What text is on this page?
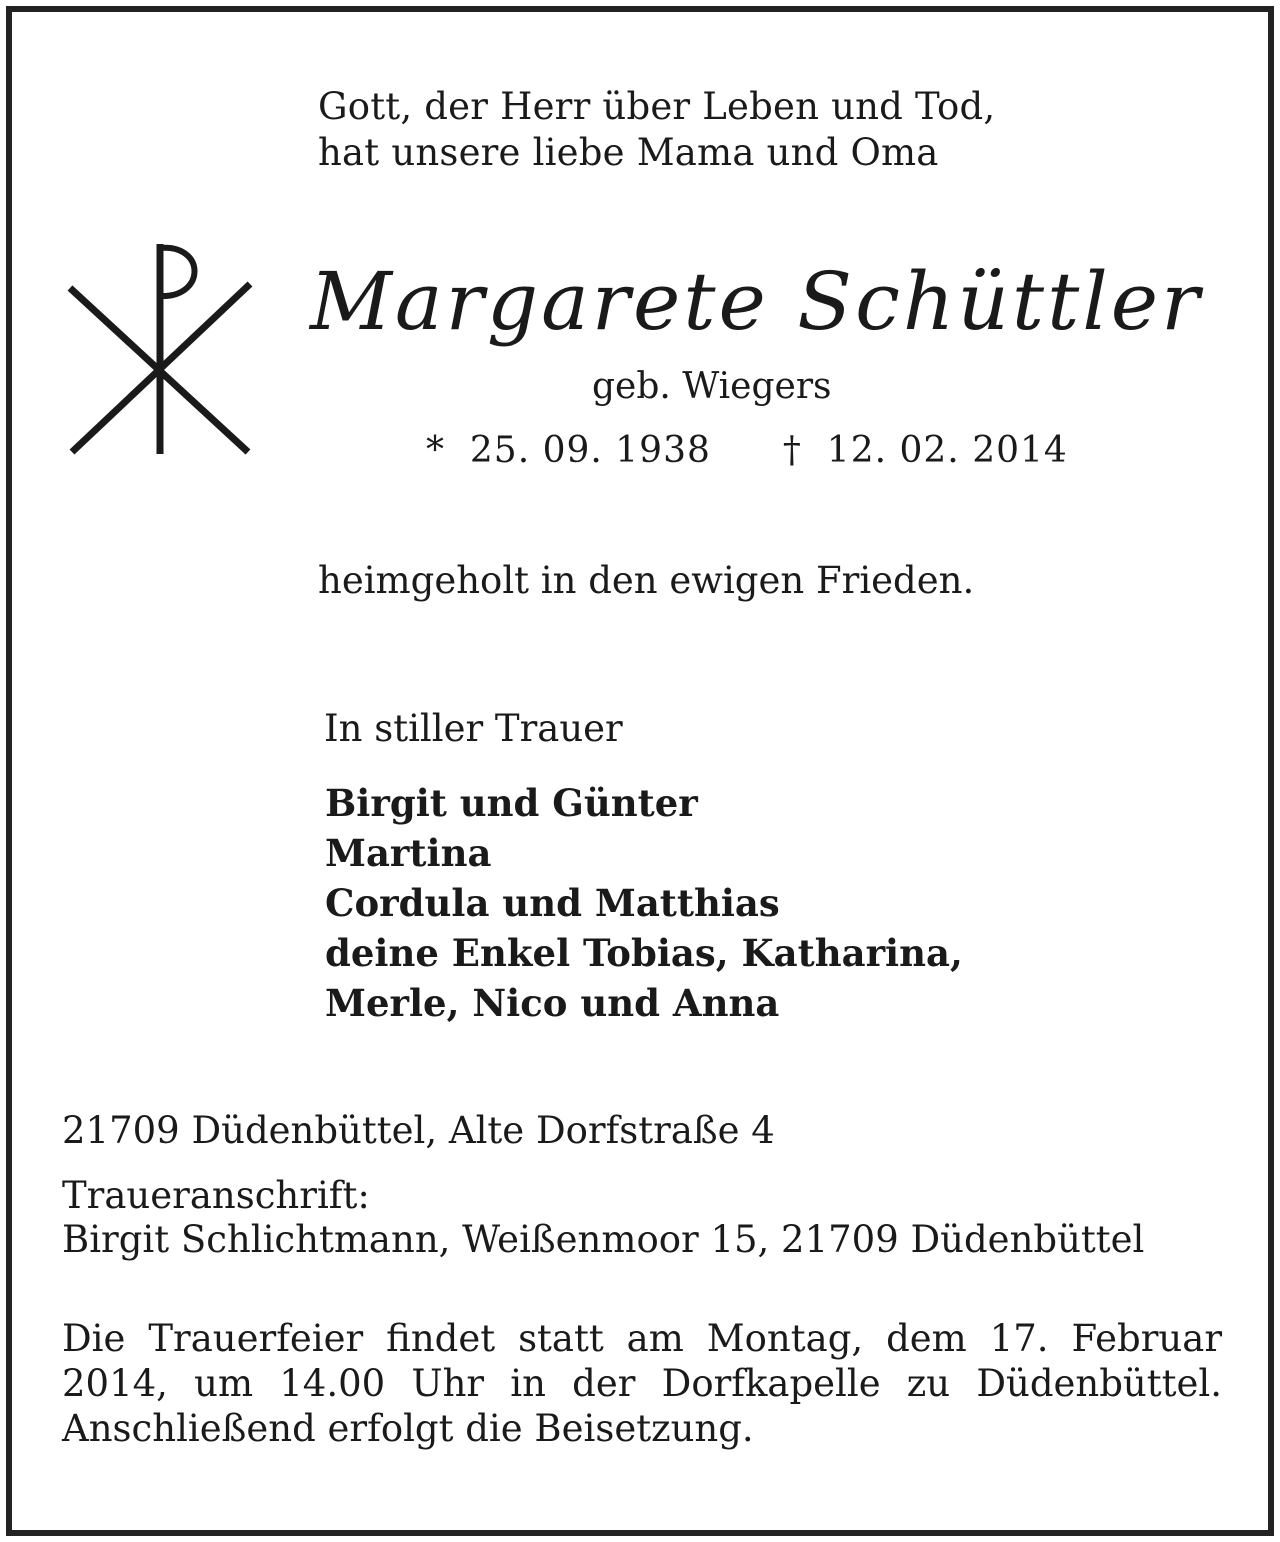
Gott, der Herr über Leben und Tod,
hat unsere liebe Mama und Oma
Margarete Schüttler
geb. Wiegers
* 25. 09. 1938 † 12. 02. 2014
heimgeholt in den ewigen Frieden.
In stiller Trauer
Birgit und Günter
Martina
Cordula und Matthias
deine Enkel Tobias, Katharina,
Merle, Nico und Anna
21709 Düdenbüttel, Alte Dorfstraße 4
Traueranschrift:
Birgit Schlichtmann, Weißenmoor 15, 21709 Düdenbüttel
Die Trauerfeier findet statt am Montag, dem 17. Februar
2014, um 14.00 Uhr in der Dorfkapelle zu Düdenbüttel.
Anschließend erfolgt die Beisetzung.
